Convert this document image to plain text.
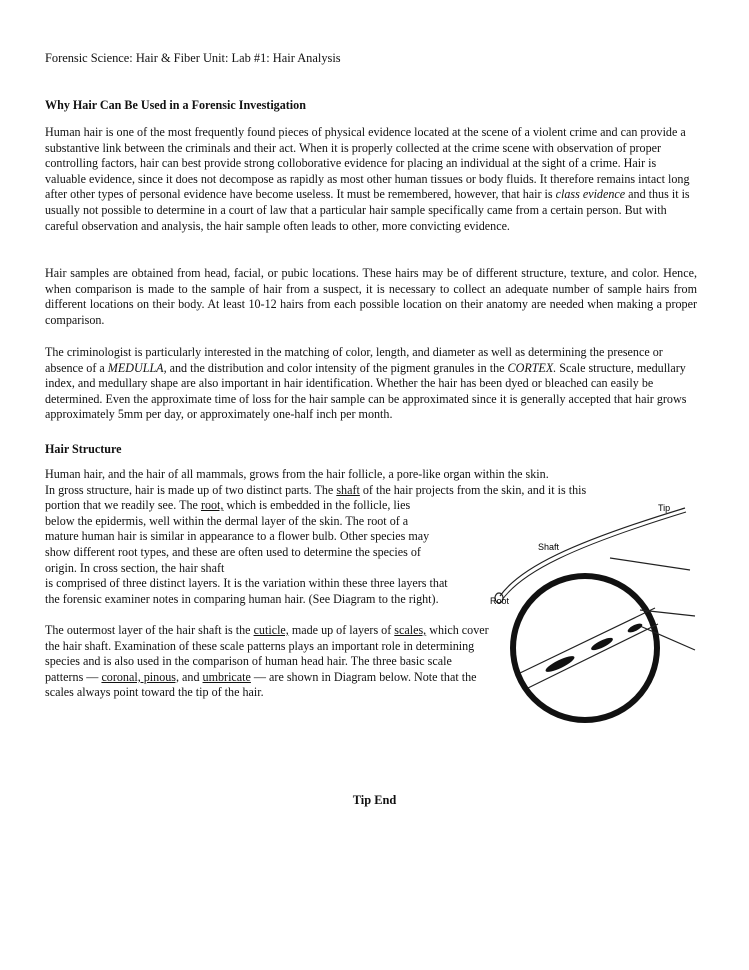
Forensic Science: Hair & Fiber Unit: Lab #1: Hair Analysis

Why Hair Can Be Used in a Forensic Investigation

Human hair is one of the most frequently found pieces of physical evidence located at the scene of a violent crime and can provide a substantive link between the criminals and their act. When it is properly collected at the crime scene with observation of proper controlling factors, hair can best provide strong colloborative evidence for placing an individual at the sight of a crime. Hair is valuable evidence, since it does not decompose as rapidly as most other human tissues or body fluids. It therefore remains intact long after other types of personal evidence have become useless. It must be remembered, however, that hair is class evidence and thus it is usually not possible to determine in a court of law that a particular hair sample specifically came from a certain person. But with careful observation and analysis, the hair sample often leads to other, more convicting evidence.

Hair samples are obtained from head, facial, or pubic locations. These hairs may be of different structure, texture, and color. Hence, when comparison is made to the sample of hair from a suspect, it is necessary to collect an adequate number of sample hairs from different locations on their body. At least 10-12 hairs from each possible location on their anatomy are needed when making a proper comparison.

The criminologist is particularly interested in the matching of color, length, and diameter as well as determining the presence or absence of a MEDULLA, and the distribution and color intensity of the pigment granules in the CORTEX. Scale structure, medullary index, and medullary shape are also important in hair identification. Whether the hair has been dyed or bleached can easily be determined. Even the approximate time of loss for the hair sample can be approximated since it is generally accepted that hair grows approximately 5mm per day, or approximately one-half inch per month.

Hair Structure

Human hair, and the hair of all mammals, grows from the hair follicle, a pore-like organ within the skin.
In gross structure, hair is made up of two distinct parts. The shaft of the hair projects from the skin, and it is this
portion that we readily see. The root, which is embedded in the follicle, lies
below the epidermis, well within the dermal layer of the skin. The root of a
mature human hair is similar in appearance to a flower bulb. Other species may
show different root types, and these are often used to determine the species of
origin. In cross section, the hair shaft
is comprised of three distinct layers. It is the variation within these three layers that
the forensic examiner notes in comparing human hair. (See Diagram to the right).

The outermost layer of the hair shaft is the cuticle, made up of layers of scales, which cover the hair shaft. Examination of these scale patterns plays an important role in determining species and is also used in the comparison of human head hair. The three basic scale patterns — coronal, pinous, and umbricate — are shown in Diagram below. Note that the scales always point toward the tip of the hair.

Tip
Shaft
Root
Tip End
